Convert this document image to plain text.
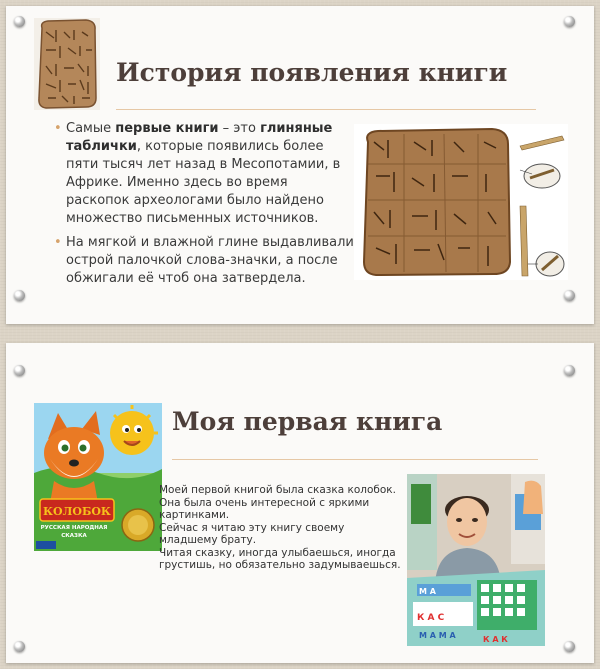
История появления книги
• Самые первые книги – это глиняные таблички, которые появились более пяти тысяч лет назад в Месопотамии, в Африке. Именно здесь во время раскопок археологами было найдено множество письменных источников.
• На мягкой и влажной глине выдавливали острой палочкой слова-значки, а после обжигали её чтоб она затвердела.
КОЛОБОК
РУССКАЯ НАРОДНАЯ
СКАЗКА
Моя первая книга

Моей первой книгой была сказка колобок.

Она была очень интересной с яркими картинками.

Сейчас я читаю эту книгу своему младшему брату.

Читая сказку, иногда улыбаешься, иногда грустишь, но обязательно задумываешься.

М А
К А С
М А М А	К А К
